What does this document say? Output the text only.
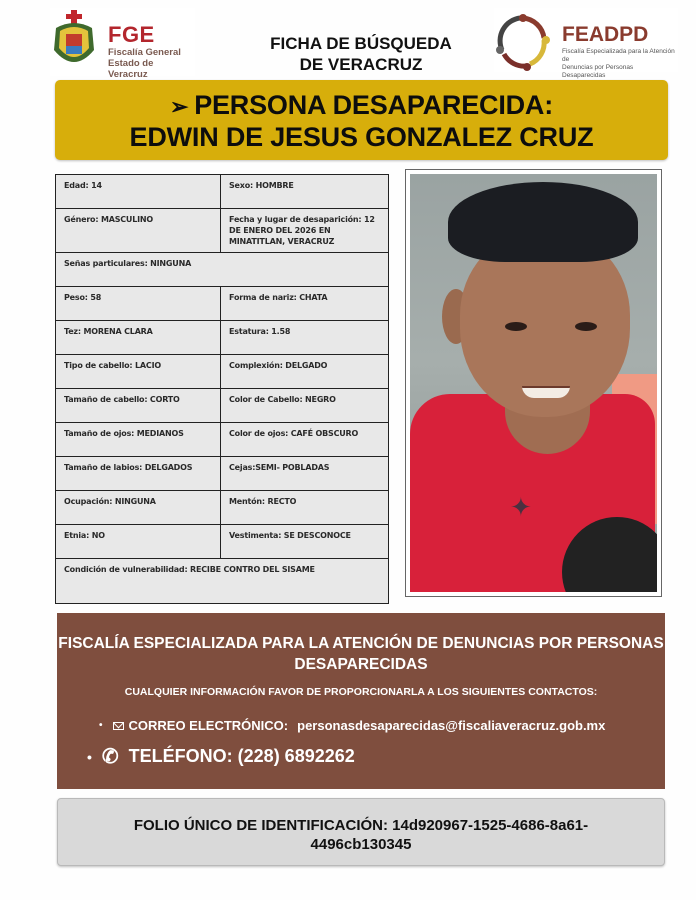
FGE
Fiscalía General
Estado de Veracruz
FICHA DE BÚSQUEDA
DE VERACRUZ
FEADPD
Fiscalía Especializada para la Atención de
Denuncias por Personas Desaparecidas
➢ PERSONA DESAPARECIDA:
EDWIN DE JESUS GONZALEZ CRUZ
Edad: 14	Sexo: HOMBRE
Género: MASCULINO	Fecha y lugar de desaparición: 12 DE ENERO DEL 2026 EN MINATITLAN, VERACRUZ
Señas particulares: NINGUNA
Peso: 58	Forma de nariz: CHATA
Tez: MORENA CLARA	Estatura: 1.58
Tipo de cabello: LACIO	Complexión: DELGADO
Tamaño de cabello: CORTO	Color de Cabello: NEGRO
Tamaño de ojos: MEDIANOS	Color de ojos: CAFÉ OBSCURO
Tamaño de labios: DELGADOS	Cejas:SEMI- POBLADAS
Ocupación: NINGUNA	Mentón: RECTO
Etnia: NO	Vestimenta: SE DESCONOCE
Condición de vulnerabilidad: RECIBE CONTRO DEL SISAME
✦
FISCALÍA ESPECIALIZADA PARA LA ATENCIÓN DE DENUNCIAS POR PERSONAS DESAPARECIDAS
CUALQUIER INFORMACIÓN FAVOR DE PROPORCIONARLA A LOS SIGUIENTES CONTACTOS:
• CORREO ELECTRÓNICO: personasdesaparecidas@fiscaliaveracruz.gob.mx
• ✆ TELÉFONO: (228) 6892262
FOLIO ÚNICO DE IDENTIFICACIÓN: 14d920967-1525-4686-8a61-4496cb130345
